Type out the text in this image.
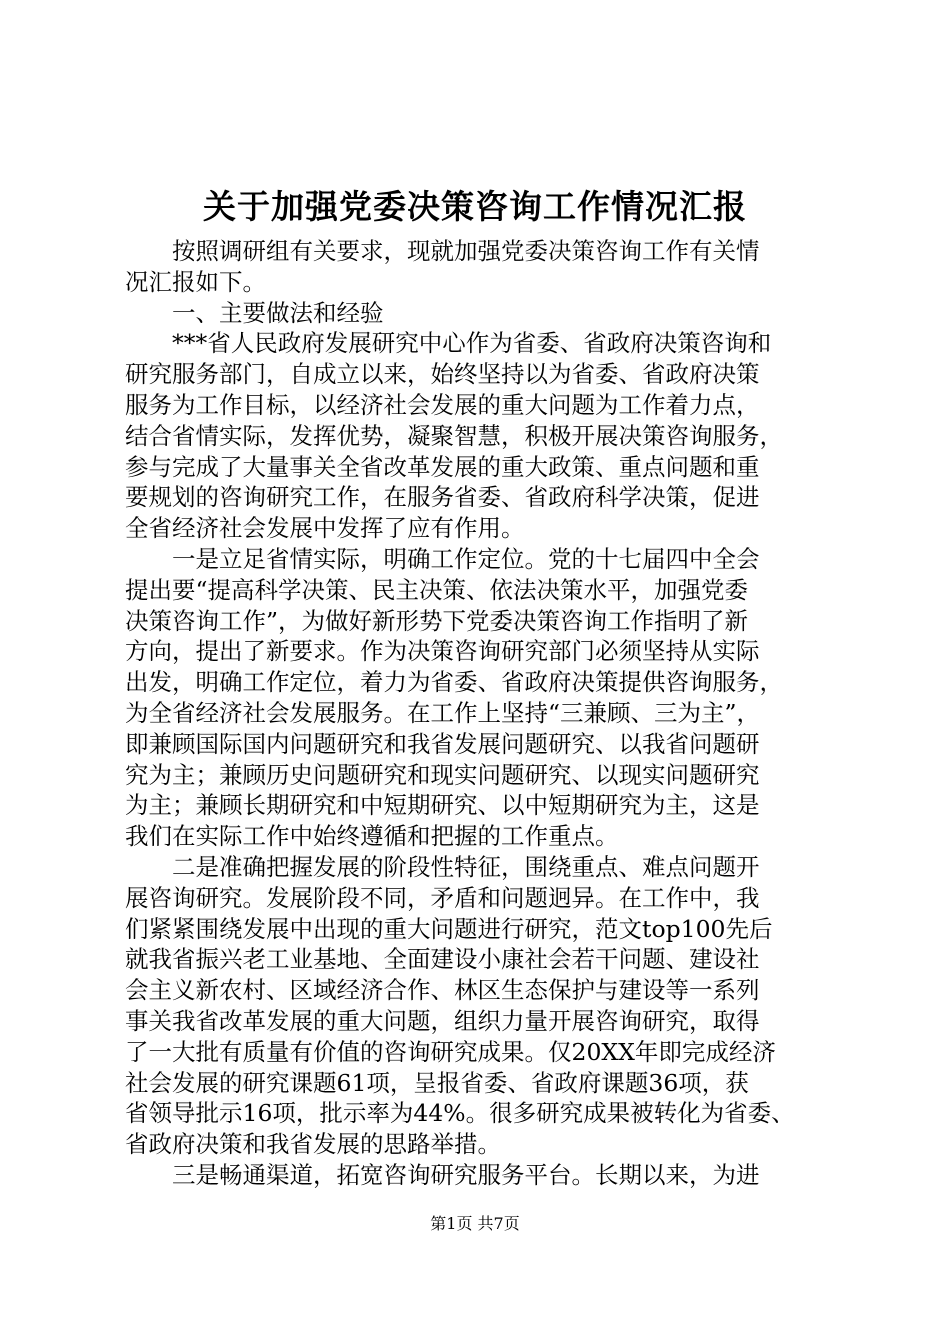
关于加强党委决策咨询工作情况汇报
　　按照调研组有关要求，现就加强党委决策咨询工作有关情
况汇报如下。
　　一、主要做法和经验
　　***省人民政府发展研究中心作为省委、省政府决策咨询和
研究服务部门，自成立以来，始终坚持以为省委、省政府决策
服务为工作目标，以经济社会发展的重大问题为工作着力点，
结合省情实际，发挥优势，凝聚智慧，积极开展决策咨询服务，
参与完成了大量事关全省改革发展的重大政策、重点问题和重
要规划的咨询研究工作，在服务省委、省政府科学决策，促进
全省经济社会发展中发挥了应有作用。
　　一是立足省情实际，明确工作定位。党的十七届四中全会
提出要“提高科学决策、民主决策、依法决策水平，加强党委
决策咨询工作”，为做好新形势下党委决策咨询工作指明了新
方向，提出了新要求。作为决策咨询研究部门必须坚持从实际
出发，明确工作定位，着力为省委、省政府决策提供咨询服务，
为全省经济社会发展服务。在工作上坚持“三兼顾、三为主”，
即兼顾国际国内问题研究和我省发展问题研究、以我省问题研
究为主；兼顾历史问题研究和现实问题研究、以现实问题研究
为主；兼顾长期研究和中短期研究、以中短期研究为主，这是
我们在实际工作中始终遵循和把握的工作重点。
　　二是准确把握发展的阶段性特征，围绕重点、难点问题开
展咨询研究。发展阶段不同，矛盾和问题迥异。在工作中，我
们紧紧围绕发展中出现的重大问题进行研究，范文top100先后
就我省振兴老工业基地、全面建设小康社会若干问题、建设社
会主义新农村、区域经济合作、林区生态保护与建设等一系列
事关我省改革发展的重大问题，组织力量开展咨询研究，取得
了一大批有质量有价值的咨询研究成果。仅20XX年即完成经济
社会发展的研究课题61项，呈报省委、省政府课题36项，获
省领导批示16项，批示率为44%。很多研究成果被转化为省委、
省政府决策和我省发展的思路举措。
　　三是畅通渠道，拓宽咨询研究服务平台。长期以来，为进
第1页 共7页
